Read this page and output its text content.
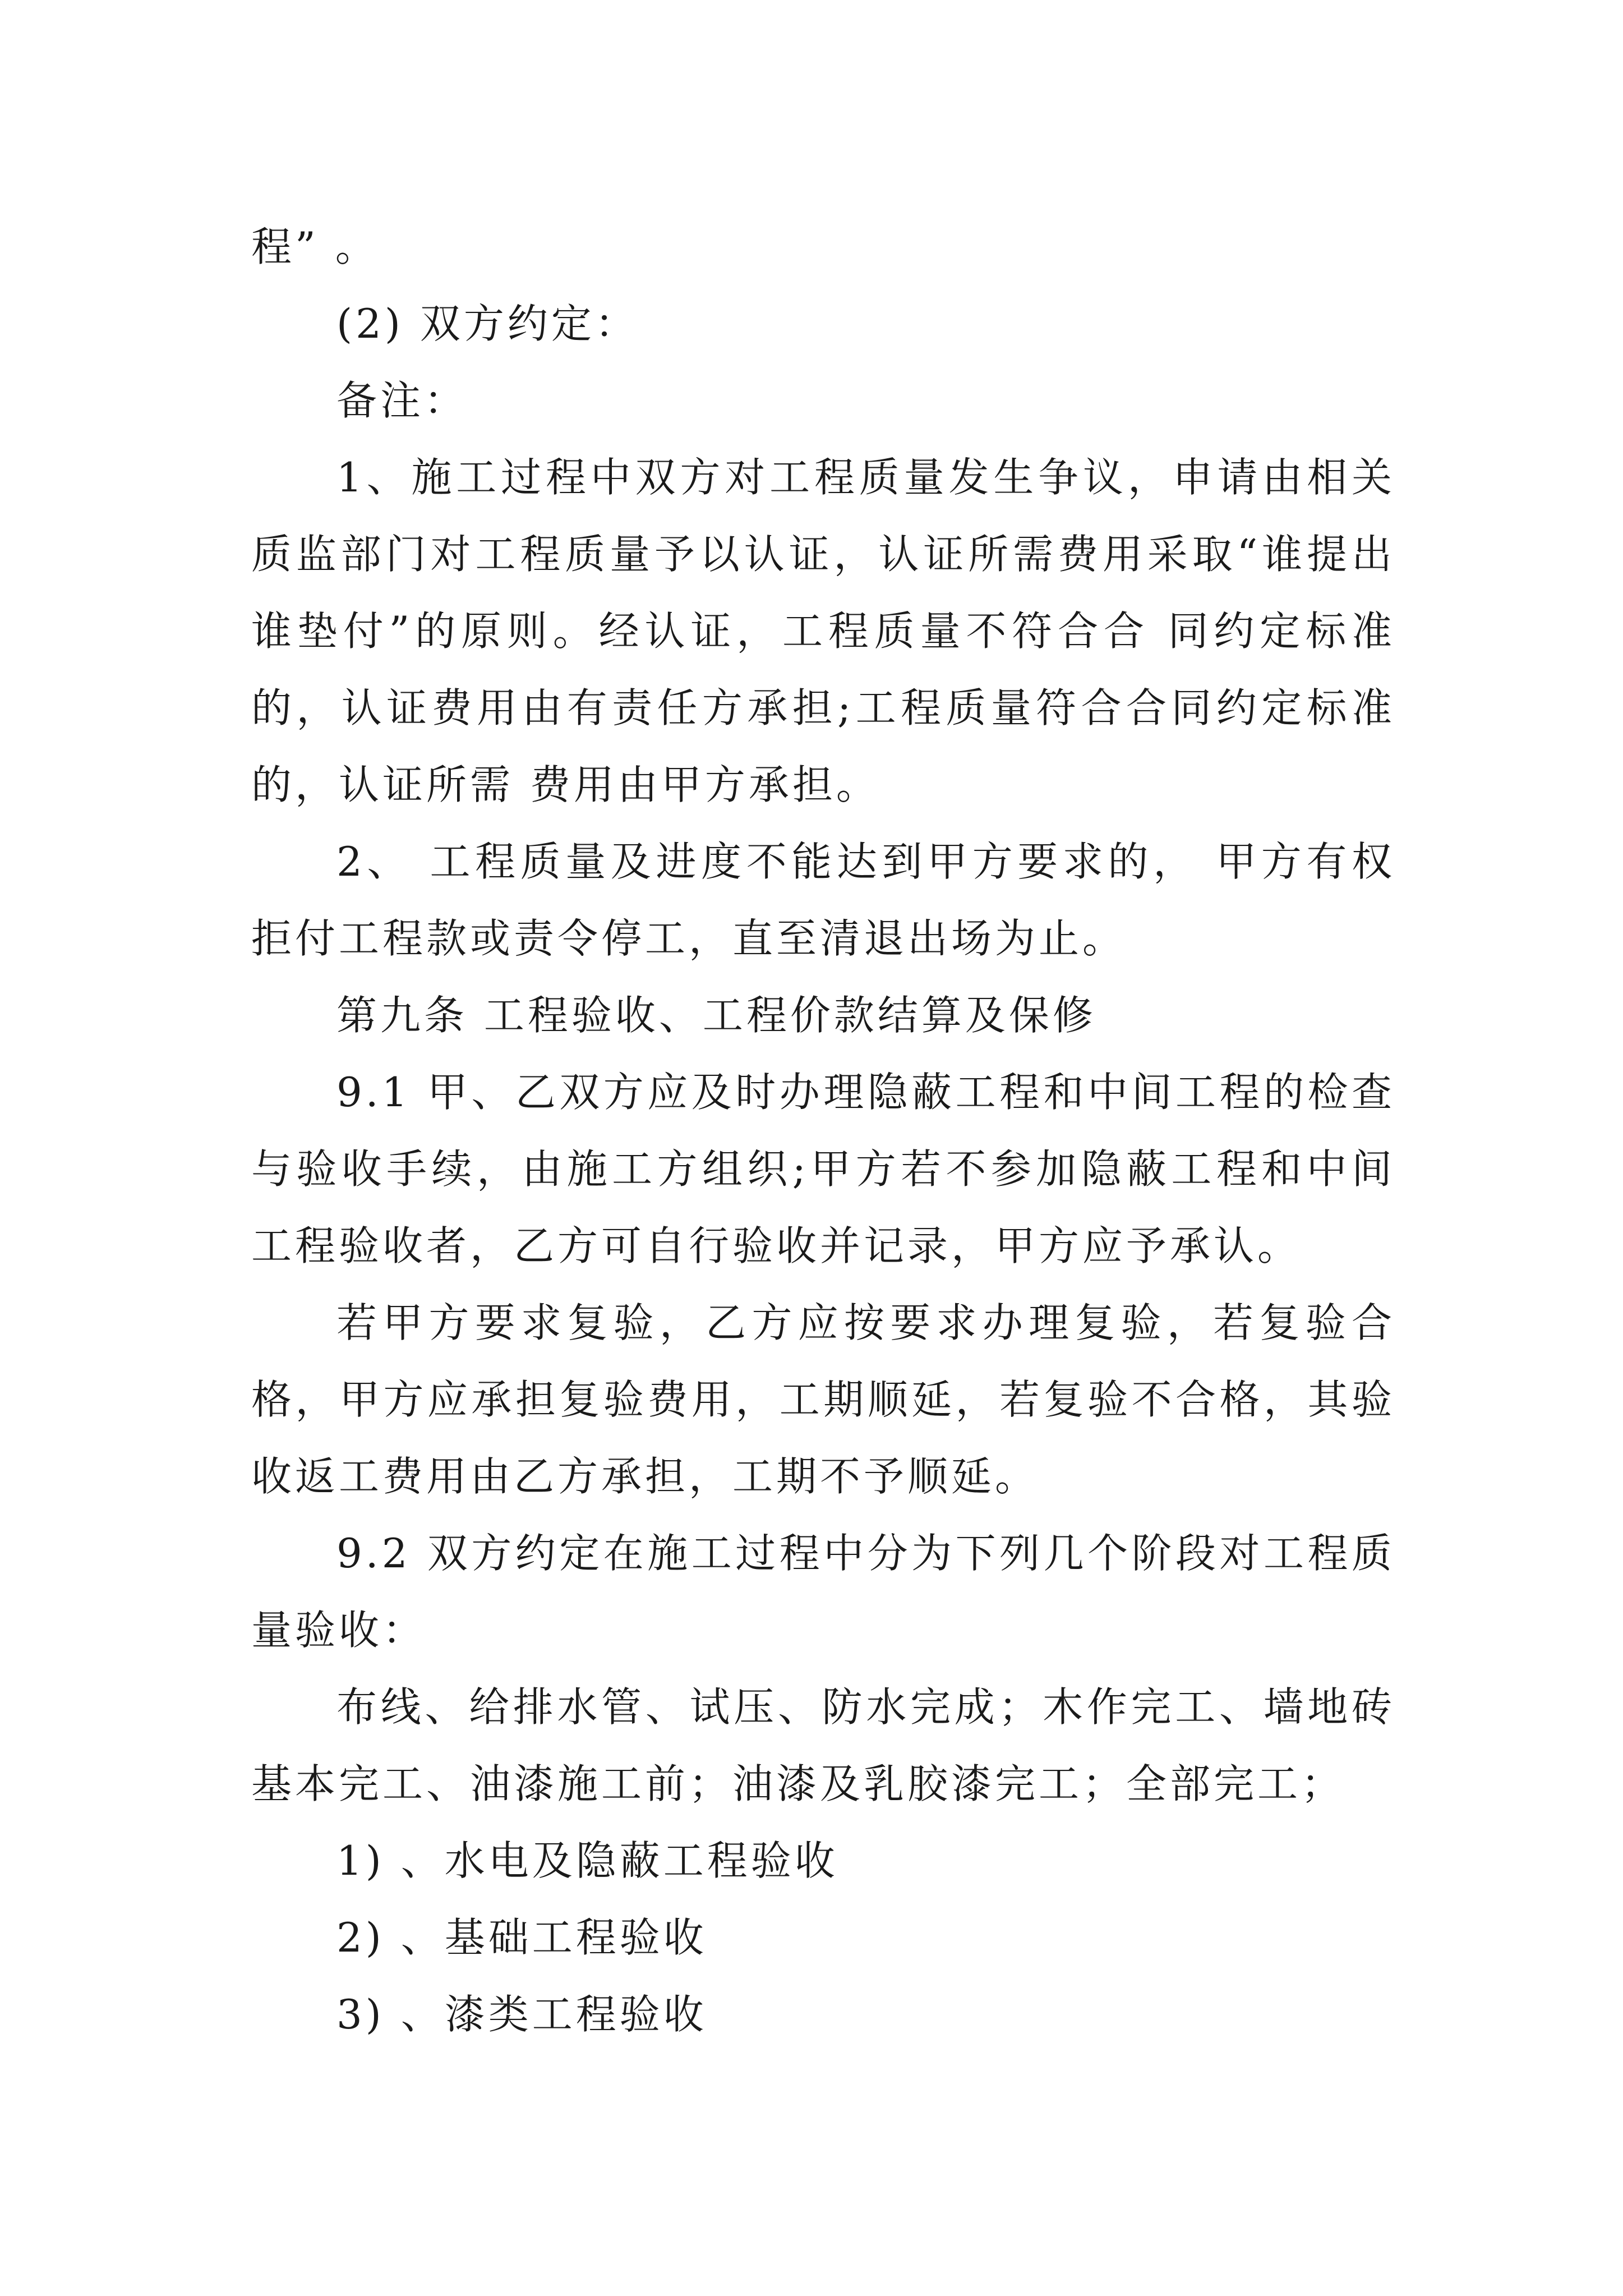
程” 。

(2) 双方约定：

备注：

1、施工过程中双方对工程质量发生争议，申请由相关质监部门对工程质量予以认证，认证所需费用采取“谁提出谁垫付”的原则。经认证，工程质量不符合合 同约定标准的，认证费用由有责任方承担;工程质量符合合同约定标准的，认证所需 费用由甲方承担。

2、 工程质量及进度不能达到甲方要求的， 甲方有权拒付工程款或责令停工，直至清退出场为止。

第九条 工程验收、工程价款结算及保修

9.1 甲、乙双方应及时办理隐蔽工程和中间工程的检查与验收手续，由施工方组织;甲方若不参加隐蔽工程和中间工程验收者，乙方可自行验收并记录，甲方应予承认。

若甲方要求复验，乙方应按要求办理复验，若复验合格，甲方应承担复验费用，工期顺延，若复验不合格，其验收返工费用由乙方承担，工期不予顺延。

9.2 双方约定在施工过程中分为下列几个阶段对工程质量验收：

布线、给排水管、试压、防水完成；木作完工、墙地砖基本完工、油漆施工前；油漆及乳胶漆完工；全部完工；

1) 、水电及隐蔽工程验收

2) 、基础工程验收

3) 、漆类工程验收
